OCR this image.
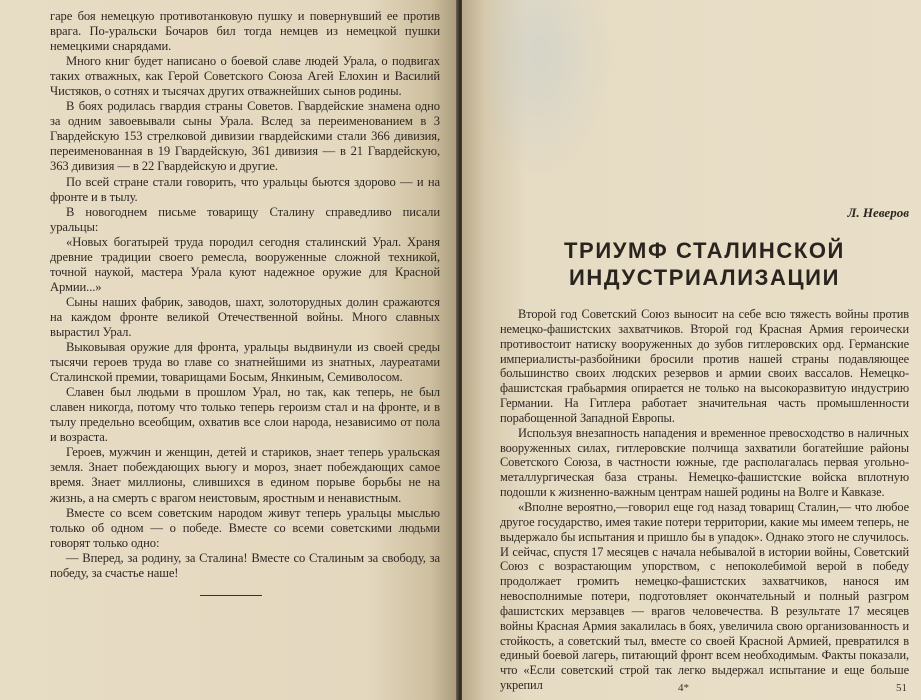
гаре боя немецкую противотанковую пушку и повернувший ее против врага. По-уральски Бочаров бил тогда немцев из немецкой пушки немецкими снарядами.

Много книг будет написано о боевой славе людей Урала, о подвигах таких отважных, как Герой Советского Союза Агей Елохин и Василий Чистяков, о сотнях и тысячах других отважнейших сынов родины.

В боях родилась гвардия страны Советов. Гвардейские знамена одно за одним завоевывали сыны Урала. Вслед за переименованием в 3 Гвардейскую 153 стрелковой дивизии гвардейскими стали 366 дивизия, переименованная в 19 Гвардейскую, 361 дивизия — в 21 Гвардейскую, 363 дивизия — в 22 Гвардейскую и другие.

По всей стране стали говорить, что уральцы бьются здорово — и на фронте и в тылу.

В новогоднем письме товарищу Сталину справедливо писали уральцы:

«Новых богатырей труда породил сегодня сталинский Урал. Храня древние традиции своего ремесла, вооруженные сложной техникой, точной наукой, мастера Урала куют надежное оружие для Красной Армии...»

Сыны наших фабрик, заводов, шахт, золоторудных долин сражаются на каждом фронте великой Отечественной войны. Много славных вырастил Урал.

Выковывая оружие для фронта, уральцы выдвинули из своей среды тысячи героев труда во главе со знатнейшими из знатных, лауреатами Сталинской премии, товарищами Босым, Янкиным, Семиволосом.

Славен был людьми в прошлом Урал, но так, как теперь, не был славен никогда, потому что только теперь героизм стал и на фронте, и в тылу предельно всеобщим, охватив все слои народа, независимо от пола и возраста.

Героев, мужчин и женщин, детей и стариков, знает теперь уральская земля. Знает побеждающих вьюгу и мороз, знает побеждающих самое время. Знает миллионы, слившихся в едином порыве борьбы не на жизнь, а на смерть с врагом неистовым, яростным и ненавистным.

Вместе со всем советским народом живут теперь уральцы мыслью только об одном — о победе. Вместе со всеми советскими людьми говорят только одно:

— Вперед, за родину, за Сталина! Вместе со Сталиным за свободу, за победу, за счастье наше!

Л. Неверов
ТРИУМФ СТАЛИНСКОЙ
ИНДУСТРИАЛИЗАЦИИ

Второй год Советский Союз выносит на себе всю тяжесть войны против немецко-фашистских захватчиков. Второй год Красная Армия героически противостоит натиску вооруженных до зубов гитлеровских орд. Германские империалисты-разбойники бросили против нашей страны подавляющее большинство своих людских резервов и армии своих вассалов. Немецко-фашистская грабьармия опирается не только на высокоразвитую индустрию Германии. На Гитлера работает значительная часть промышленности порабощенной Западной Европы.

Используя внезапность нападения и временное превосходство в наличных вооруженных силах, гитлеровские полчища захватили богатейшие районы Советского Союза, в частности южные, где располагалась первая угольно-металлургическая база страны. Немецко-фашистские войска вплотную подошли к жизненно-важным центрам нашей родины на Волге и Кавказе.

«Вполне вероятно,—говорил еще год назад товарищ Сталин,— что любое другое государство, имея такие потери территории, какие мы имеем теперь, не выдержало бы испытания и пришло бы в упадок». Однако этого не случилось. И сейчас, спустя 17 месяцев с начала небывалой в истории войны, Советский Союз с возрастающим упорством, с непоколебимой верой в победу продолжает громить немецко-фашистских захватчиков, нанося им невосполнимые потери, подготовляет окончательный и полный разгром фашистских мерзавцев — врагов человечества. В результате 17 месяцев войны Красная Армия закалилась в боях, увеличила свою организованность и стойкость, а советский тыл, вместе со своей Красной Армией, превратился в единый боевой лагерь, питающий фронт всем необходимым. Факты показали, что «Если советский строй так легко выдержал испытание и еще больше укрепил	4*	51
